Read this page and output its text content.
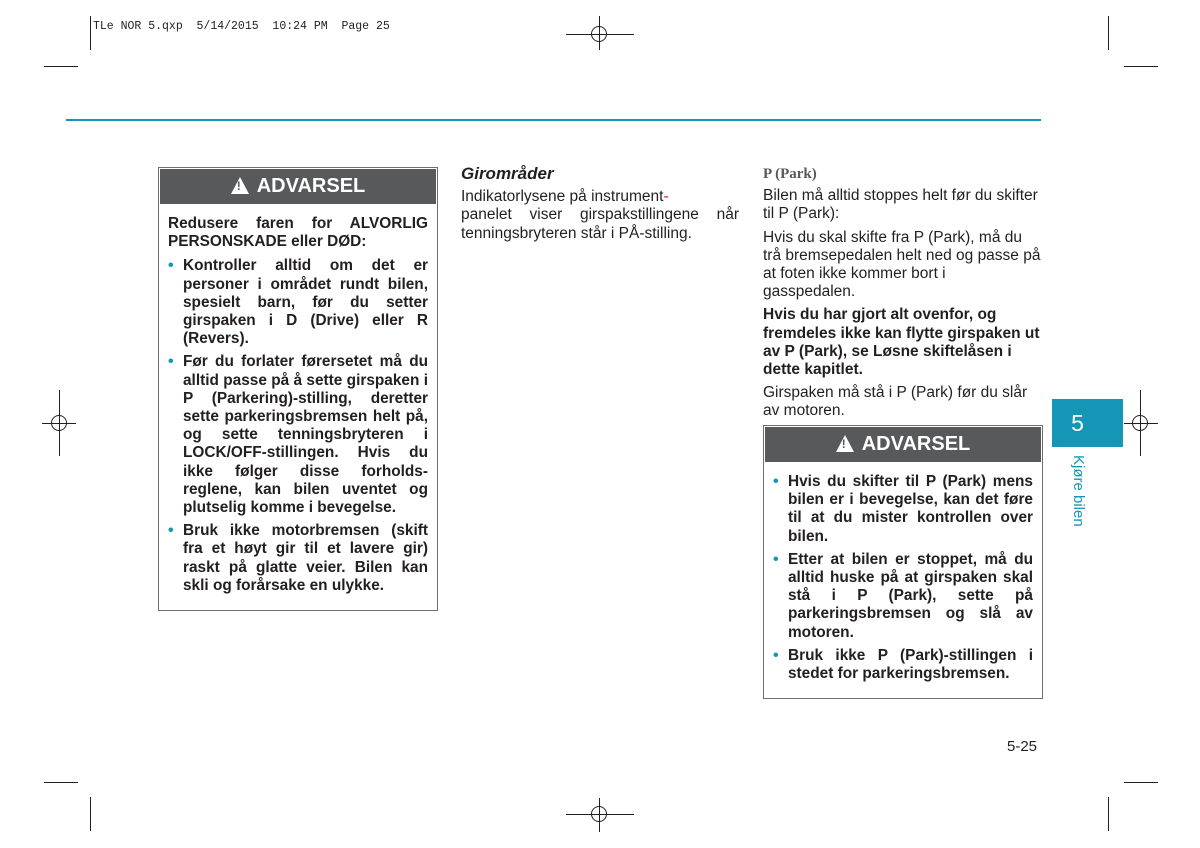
TLe NOR 5.qxp  5/14/2015  10:24 PM  Page 25
!
ADVARSEL

Redusere faren for ALVORLIG PERSONSKADE eller DØD:

• Kontroller alltid om det er personer i området rundt bilen, spesielt barn, før du setter girspaken i D (Drive) eller R (Revers).
• Før du forlater førersetet må du alltid passe på å sette girspaken i P (Parkering)-stilling, deretter sette parkeringsbremsen helt på, og sette tenningsbryteren i LOCK/OFF-stillingen. Hvis du ikke følger disse forholds- reglene, kan bilen uventet og plutselig komme i bevegelse.
• Bruk ikke motorbremsen (skift fra et høyt gir til et lavere gir) raskt på glatte veier. Bilen kan skli og forårsake en ulykke.

Girområder

Indikatorlysene på instrument-
panelet viser girspakstillingene når tenningsbryteren står i PÅ-stilling.

P (Park)

Bilen må alltid stoppes helt før du skifter til P (Park):

Hvis du skal skifte fra P (Park), må du trå bremsepedalen helt ned og passe på at foten ikke kommer bort i gasspedalen.

Hvis du har gjort alt ovenfor, og fremdeles ikke kan flytte girspaken ut av P (Park), se Løsne skiftelåsen i dette kapitlet.

Girspaken må stå i P (Park) før du slår av motoren.

!
ADVARSEL
• Hvis du skifter til P (Park) mens bilen er i bevegelse, kan det føre til at du mister kontrollen over bilen.
• Etter at bilen er stoppet, må du alltid huske på at girspaken skal stå i P (Park), sette på parkeringsbremsen og slå av motoren.
• Bruk ikke P (Park)-stillingen i stedet for parkeringsbremsen.
5
Kjøre bilen
5-25
